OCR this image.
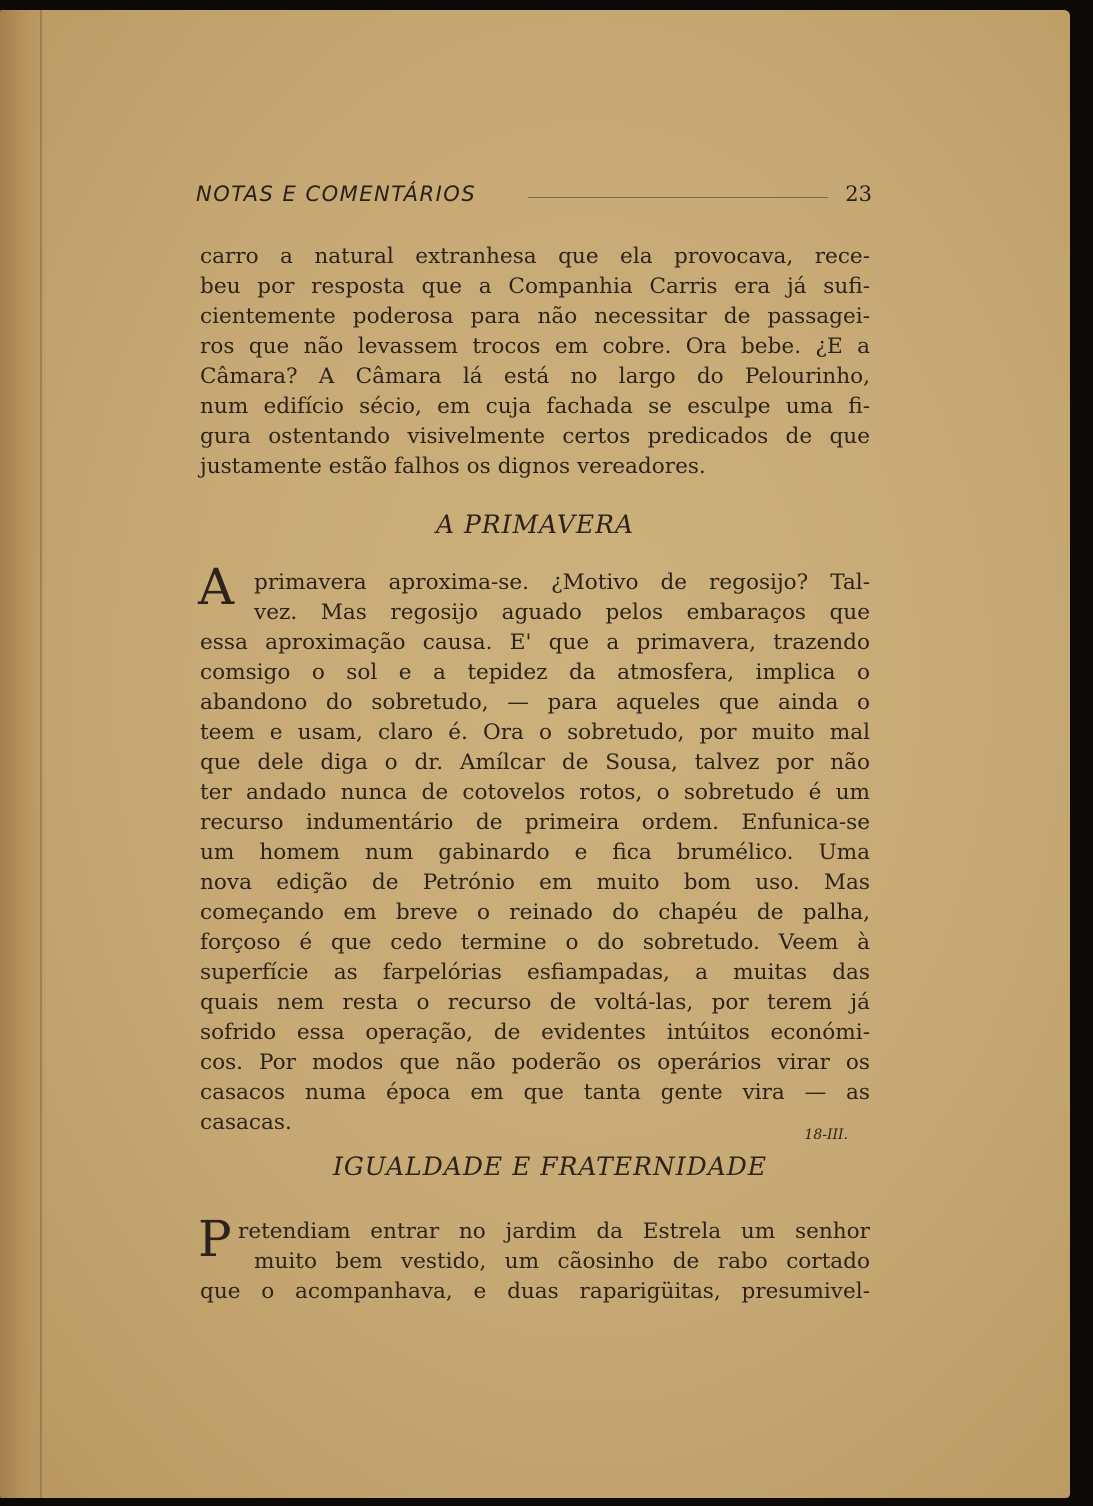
NOTAS E COMENTÁRIOS	23
carro a natural extranhesa que ela provocava, rece-
beu por resposta que a Companhia Carris era já sufi-
cientemente poderosa para não necessitar de passagei-
ros que não levassem trocos em cobre. Ora bebe. ¿E a
Câmara? A Câmara lá está no largo do Pelourinho,
num edifício sécio, em cuja fachada se esculpe uma fi-
gura ostentando visivelmente certos predicados de que
justamente estão falhos os dignos vereadores.
A PRIMAVERA
A primavera aproxima-se. ¿Motivo de regosijo? Tal-
vez. Mas regosijo aguado pelos embaraços que
essa aproximação causa. E' que a primavera, trazendo
comsigo o sol e a tepidez da atmosfera, implica o
abandono do sobretudo, — para aqueles que ainda o
teem e usam, claro é. Ora o sobretudo, por muito mal
que dele diga o dr. Amílcar de Sousa, talvez por não
ter andado nunca de cotovelos rotos, o sobretudo é um
recurso indumentário de primeira ordem. Enfunica-se
um homem num gabinardo e fica brumélico. Uma
nova edição de Petrónio em muito bom uso. Mas
começando em breve o reinado do chapéu de palha,
forçoso é que cedo termine o do sobretudo. Veem à
superfície as farpelórias esfiampadas, a muitas das
quais nem resta o recurso de voltá-las, por terem já
sofrido essa operação, de evidentes intúitos económi-
cos. Por modos que não poderão os operários virar os
casacos numa época em que tanta gente vira — as
casacas.	18-III.
IGUALDADE E FRATERNIDADE
P retendiam entrar no jardim da Estrela um senhor
muito bem vestido, um cãosinho de rabo cortado
que o acompanhava, e duas raparigüitas, presumivel-
